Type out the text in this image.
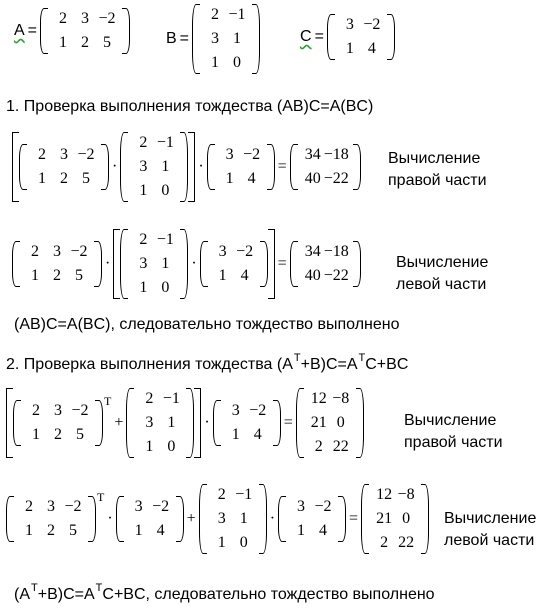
A =
2 3 −2
1 2 5	B =
2 −1
3 1
1 0
C =
3 −2
1 4
1. Проверка выполнения тождества (AB)C=A(BC)
2 3 −2
1 2 5
·
2 −1
3 1
1 0
·
3 −2
1 4
=
34 −18
40 −22
Вычисление
правой части
2 3 −2
1 2 5
·
2 −1
3 1
1 0
·
3 −2
1 4
=
34 −18
40 −22
Вычисление
левой части
(AB)C=A(BC), следовательно тождество выполнено
2. Проверка выполнения тождества $(A^T+B)C=A^TC+BC$
2 3 −2
1 2 5
T
+
2 −1
3 1
1 0
·
3 −2
1 4
=
12 −8
21 0
2 22
Вычисление
правой части
2 3 −2
1 2 5
T
·
3 −2
1 4
+
2 −1
3 1
1 0
·
3 −2
1 4
=
12 −8
21 0
2 22
Вычисление
левой части
$(A^T+B)C=A^TC+BC$, следовательно тождество выполнено
